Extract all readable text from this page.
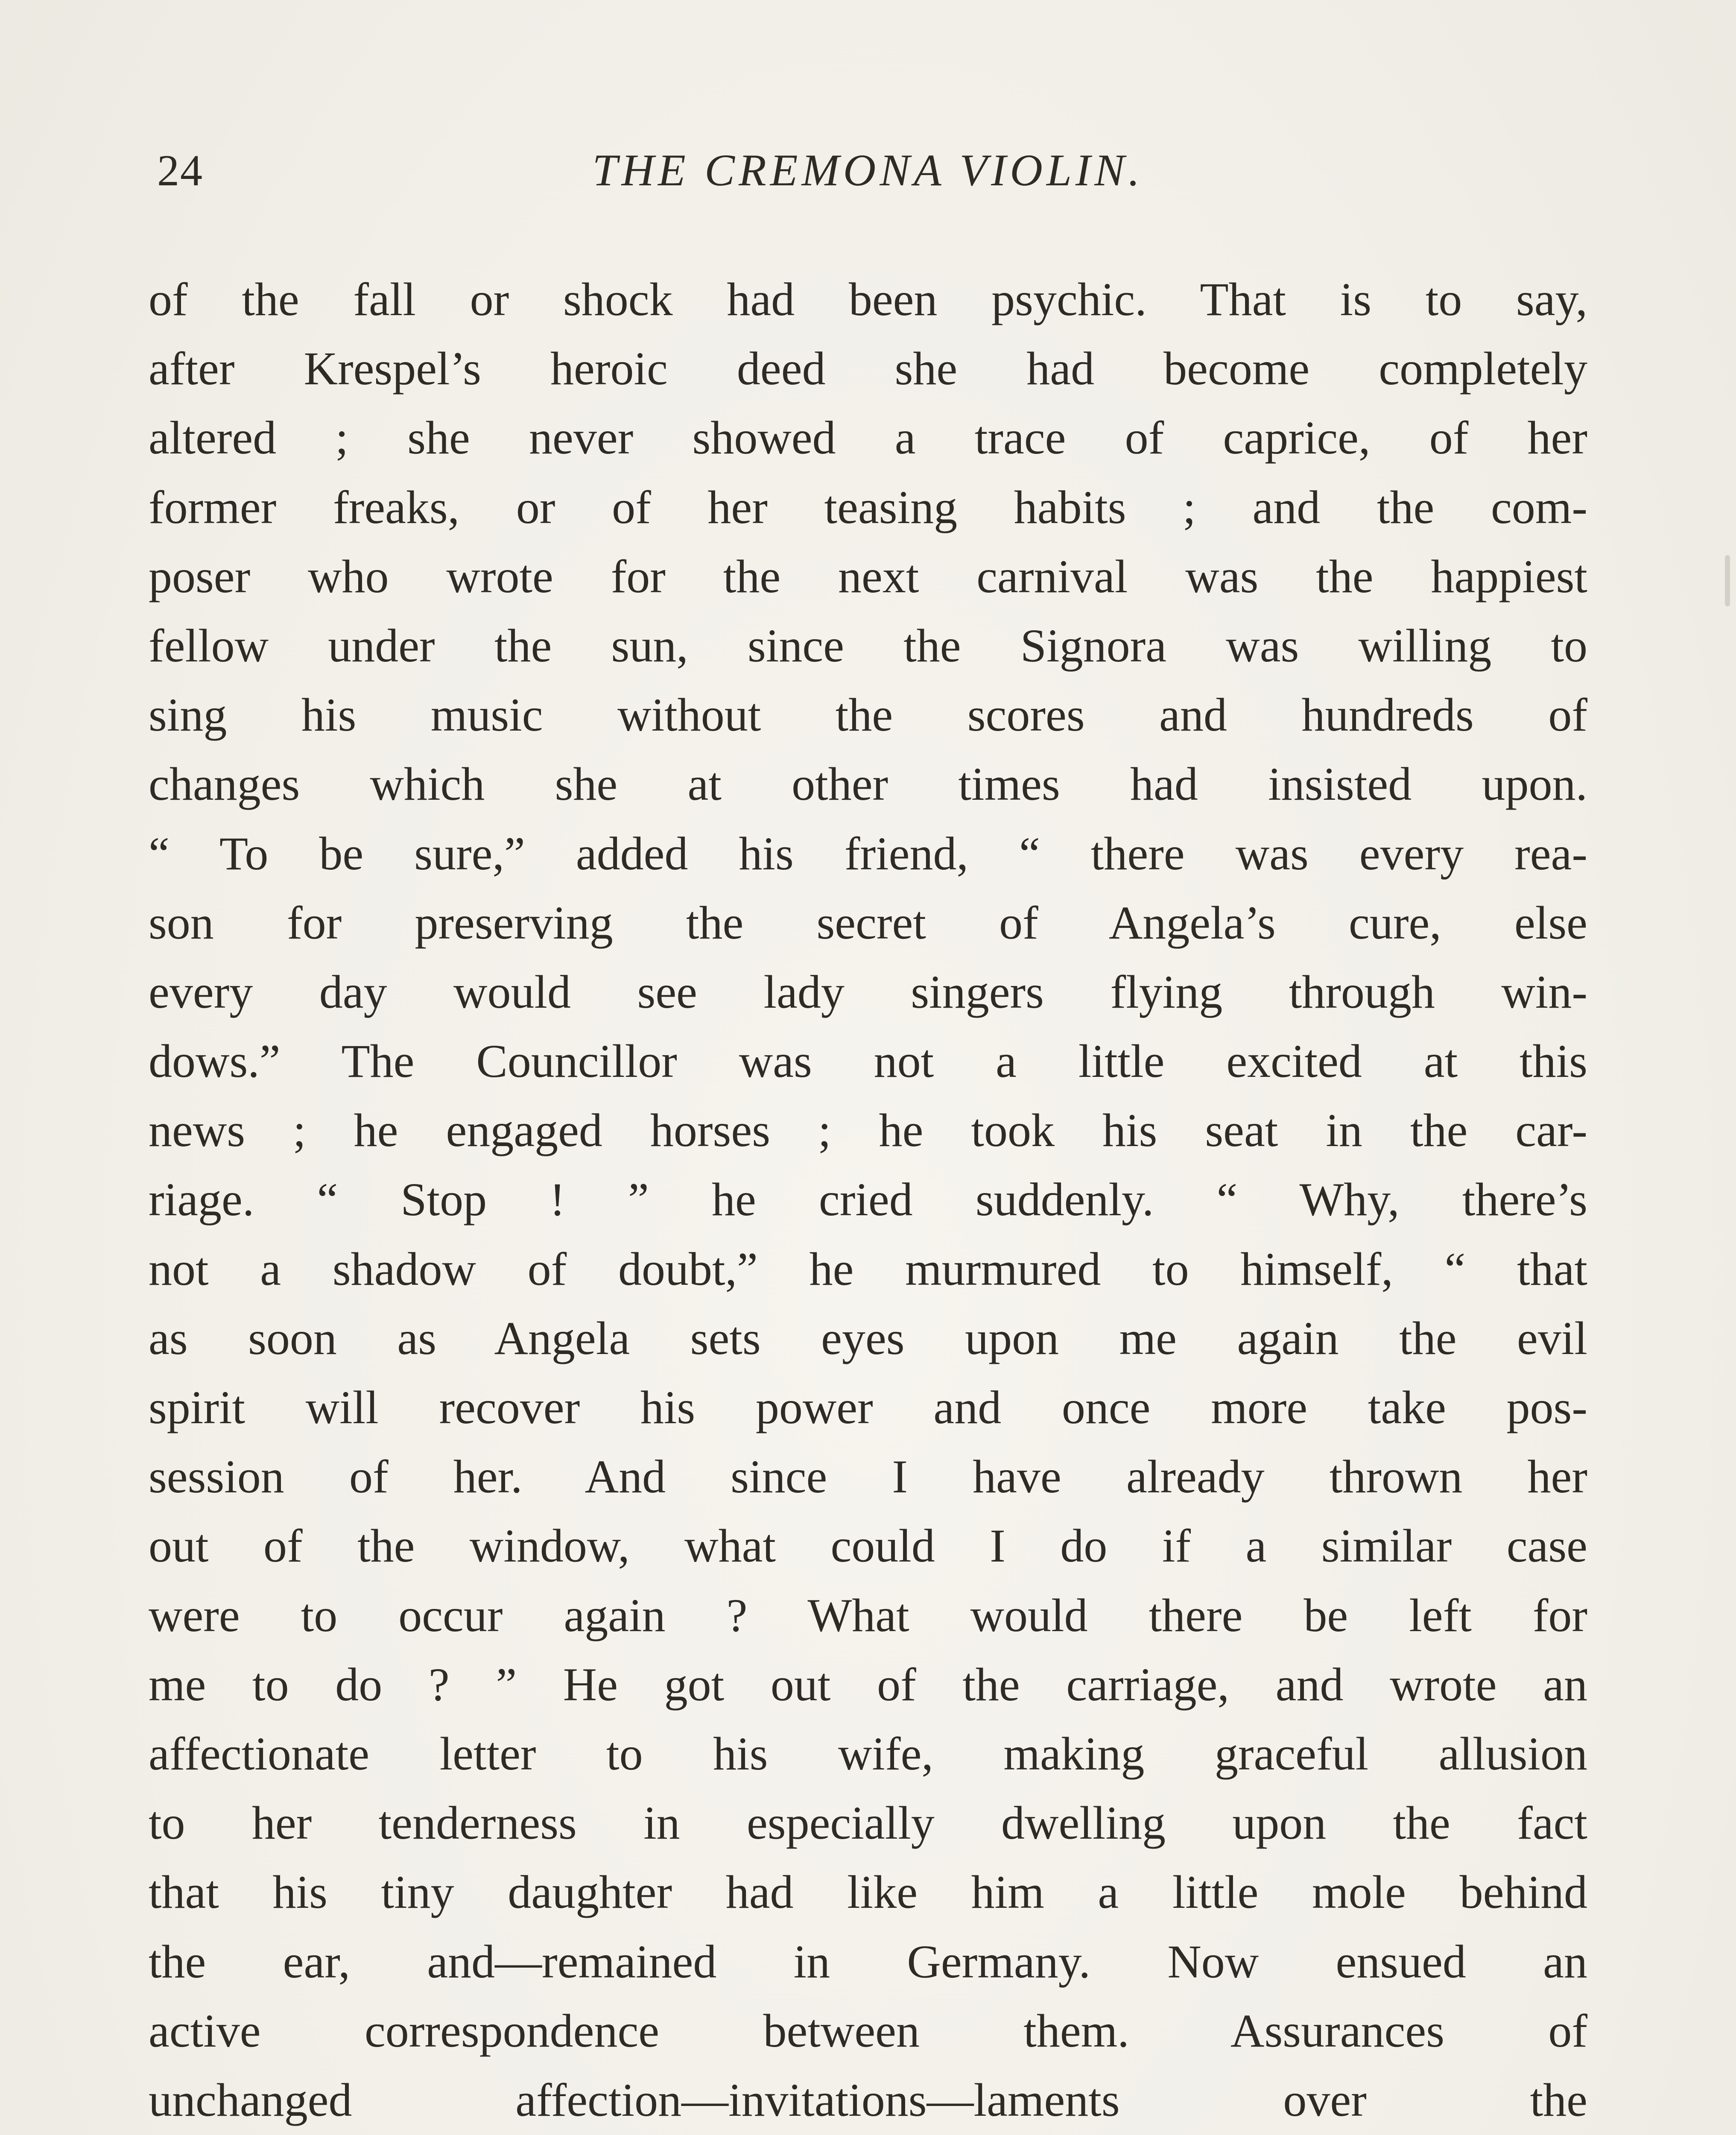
24	THE CREMONA VIOLIN.
of the fall or shock had been psychic. That is to say,
after Krespel’s heroic deed she had become completely
altered ; she never showed a trace of caprice, of her
former freaks, or of her teasing habits ; and the com-
poser who wrote for the next carnival was the happiest
fellow under the sun, since the Signora was willing to
sing his music without the scores and hundreds of
changes which she at other times had insisted upon.
“ To be sure,” added his friend, “ there was every rea-
son for preserving the secret of Angela’s cure, else
every day would see lady singers flying through win-
dows.” The Councillor was not a little excited at this
news ; he engaged horses ; he took his seat in the car-
riage. “ Stop ! ” he cried suddenly. “ Why, there’s
not a shadow of doubt,” he murmured to himself, “ that
as soon as Angela sets eyes upon me again the evil
spirit will recover his power and once more take pos-
session of her. And since I have already thrown her
out of the window, what could I do if a similar case
were to occur again ? What would there be left for
me to do ? ” He got out of the carriage, and wrote an
affectionate letter to his wife, making graceful allusion
to her tenderness in especially dwelling upon the fact
that his tiny daughter had like him a little mole behind
the ear, and—remained in Germany. Now ensued an
active correspondence between them. Assurances of
unchanged affection—invitations—laments over the
